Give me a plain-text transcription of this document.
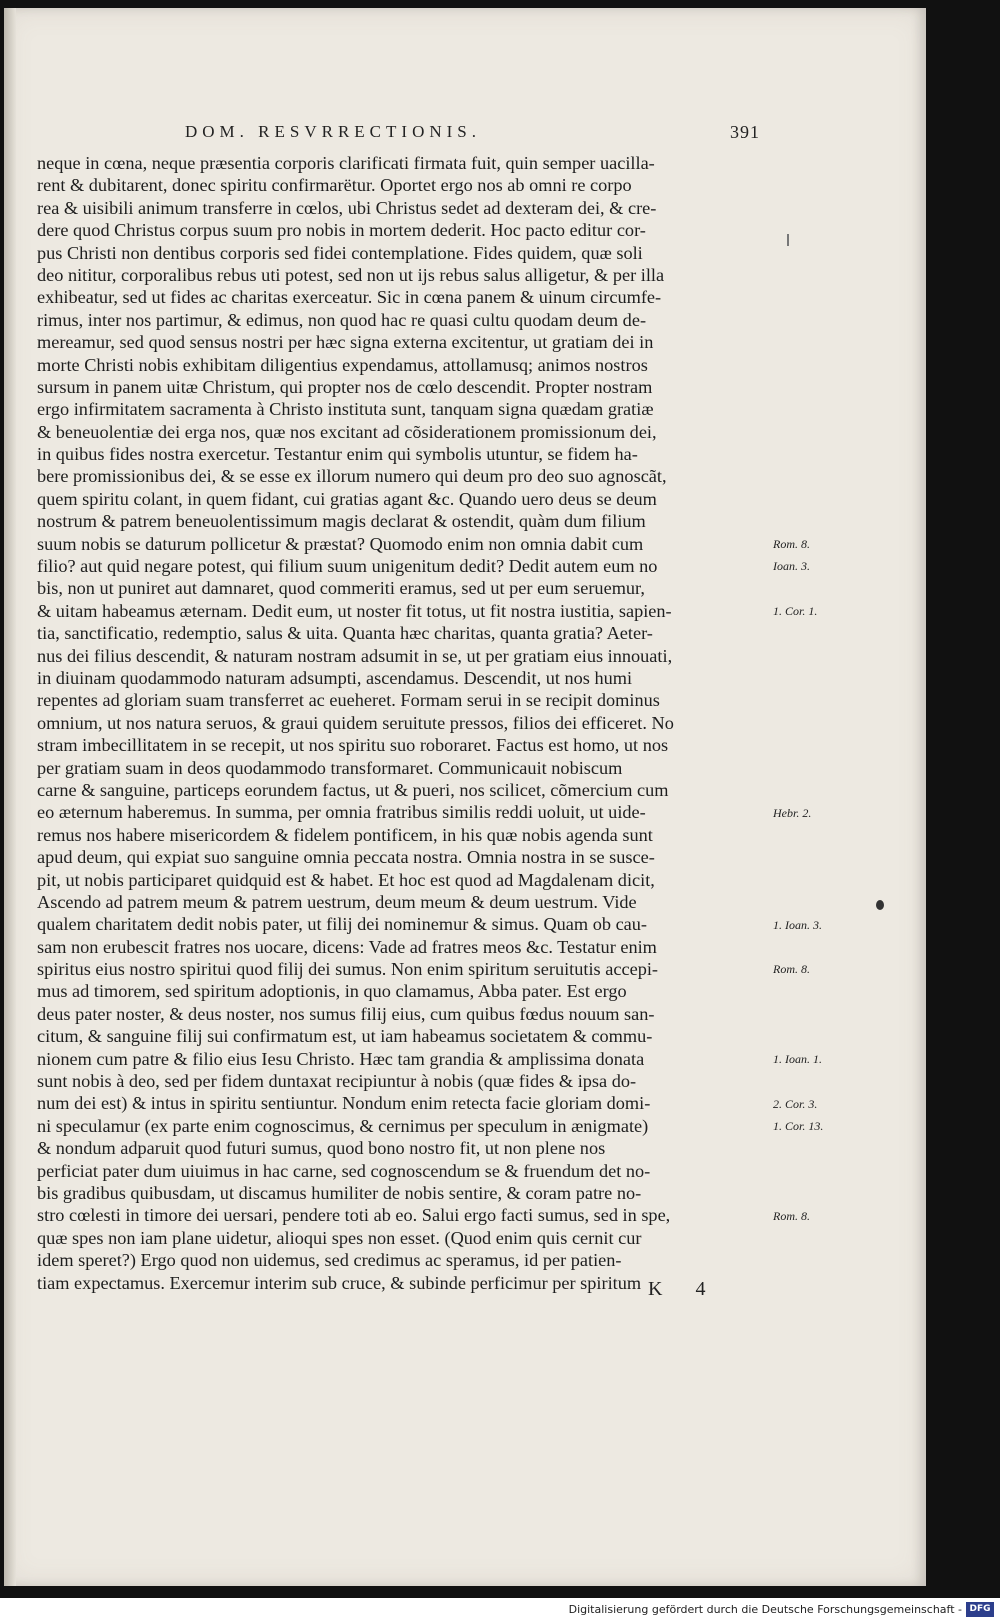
DOM. RESVRRECTIONIS.	391
neque in cœna, neque præsentia corporis clarificati firmata fuit, quin semper uacilla-
rent & dubitarent, donec spiritu confirmarëtur. Oportet ergo nos ab omni re corpo
rea & uisibili animum transferre in cœlos, ubi Christus sedet ad dexteram dei, & cre-
dere quod Christus corpus suum pro nobis in mortem dederit. Hoc pacto editur cor-
pus Christi non dentibus corporis sed fidei contemplatione. Fides quidem, quæ soli
deo nititur, corporalibus rebus uti potest, sed non ut ijs rebus salus alligetur, & per illa
exhibeatur, sed ut fides ac charitas exerceatur. Sic in cœna panem & uinum circumfe-
rimus, inter nos partimur, & edimus, non quod hac re quasi cultu quodam deum de-
mereamur, sed quod sensus nostri per hæc signa externa excitentur, ut gratiam dei in
morte Christi nobis exhibitam diligentius expendamus, attollamusq; animos nostros
sursum in panem uitæ Christum, qui propter nos de cœlo descendit. Propter nostram
ergo infirmitatem sacramenta à Christo instituta sunt, tanquam signa quædam gratiæ
& beneuolentiæ dei erga nos, quæ nos excitant ad cõsiderationem promissionum dei,
in quibus fides nostra exercetur. Testantur enim qui symbolis utuntur, se fidem ha-
bere promissionibus dei, & se esse ex illorum numero qui deum pro deo suo agnoscãt,
quem spiritu colant, in quem fidant, cui gratias agant &c. Quando uero deus se deum
nostrum & patrem beneuolentissimum magis declarat & ostendit, quàm dum filium
suum nobis se daturum pollicetur & præstat? Quomodo enim non omnia dabit cum
filio? aut quid negare potest, qui filium suum unigenitum dedit? Dedit autem eum no
bis, non ut puniret aut damnaret, quod commeriti eramus, sed ut per eum seruemur,
& uitam habeamus æternam. Dedit eum, ut noster fit totus, ut fit nostra iustitia, sapien-
tia, sanctificatio, redemptio, salus & uita. Quanta hæc charitas, quanta gratia? Aeter-
nus dei filius descendit, & naturam nostram adsumit in se, ut per gratiam eius innouati,
in diuinam quodammodo naturam adsumpti, ascendamus. Descendit, ut nos humi
repentes ad gloriam suam transferret ac eueheret. Formam serui in se recipit dominus
omnium, ut nos natura seruos, & graui quidem seruitute pressos, filios dei efficeret. No
stram imbecillitatem in se recepit, ut nos spiritu suo roboraret. Factus est homo, ut nos
per gratiam suam in deos quodammodo transformaret. Communicauit nobiscum
carne & sanguine, particeps eorundem factus, ut & pueri, nos scilicet, cõmercium cum
eo æternum haberemus. In summa, per omnia fratribus similis reddi uoluit, ut uide-
remus nos habere misericordem & fidelem pontificem, in his quæ nobis agenda sunt
apud deum, qui expiat suo sanguine omnia peccata nostra. Omnia nostra in se susce-
pit, ut nobis participaret quidquid est & habet. Et hoc est quod ad Magdalenam dicit,
Ascendo ad patrem meum & patrem uestrum, deum meum & deum uestrum. Vide
qualem charitatem dedit nobis pater, ut filij dei nominemur & simus. Quam ob cau-
sam non erubescit fratres nos uocare, dicens: Vade ad fratres meos &c. Testatur enim
spiritus eius nostro spiritui quod filij dei sumus. Non enim spiritum seruitutis accepi-
mus ad timorem, sed spiritum adoptionis, in quo clamamus, Abba pater. Est ergo
deus pater noster, & deus noster, nos sumus filij eius, cum quibus fœdus nouum san-
citum, & sanguine filij sui confirmatum est, ut iam habeamus societatem & commu-
nionem cum patre & filio eius Iesu Christo. Hæc tam grandia & amplissima donata
sunt nobis à deo, sed per fidem duntaxat recipiuntur à nobis (quæ fides & ipsa do-
num dei est) & intus in spiritu sentiuntur. Nondum enim retecta facie gloriam domi-
ni speculamur (ex parte enim cognoscimus, & cernimus per speculum in ænigmate)
& nondum adparuit quod futuri sumus, quod bono nostro fit, ut non plene nos
perficiat pater dum uiuimus in hac carne, sed cognoscendum se & fruendum det no-
bis gradibus quibusdam, ut discamus humiliter de nobis sentire, & coram patre no-
stro cœlesti in timore dei uersari, pendere toti ab eo. Salui ergo facti sumus, sed in spe,
quæ spes non iam plane uidetur, alioqui spes non esset. (Quod enim quis cernit cur
idem speret?) Ergo quod non uidemus, sed credimus ac speramus, id per patien-
tiam expectamus. Exercemur interim sub cruce, & subinde perficimur per spiritum
Rom. 8.
Ioan. 3.
1. Cor. 1.
Hebr. 2.
1. Ioan. 3.
Rom. 8.
1. Ioan. 1.
2. Cor. 3.
1. Cor. 13.
Rom. 8.
K 4
Digitalisierung gefördert durch die Deutsche Forschungsgemeinschaft - DFG
